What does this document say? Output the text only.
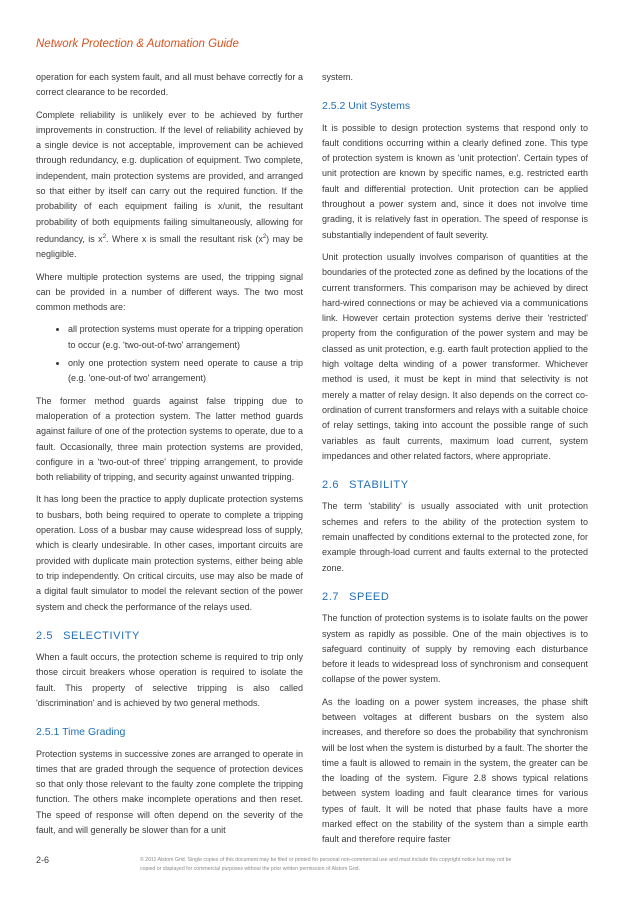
Network Protection & Automation Guide

operation for each system fault, and all must behave correctly for a correct clearance to be recorded.

Complete reliability is unlikely ever to be achieved by further improvements in construction. If the level of reliability achieved by a single device is not acceptable, improvement can be achieved through redundancy, e.g. duplication of equipment. Two complete, independent, main protection systems are provided, and arranged so that either by itself can carry out the required function. If the probability of each equipment failing is x/unit, the resultant probability of both equipments failing simultaneously, allowing for redundancy, is $x^2$. Where x is small the resultant risk $(x^2)$ may be negligible.

Where multiple protection systems are used, the tripping signal can be provided in a number of different ways. The two most common methods are:

• all protection systems must operate for a tripping operation to occur (e.g. 'two-out-of-two' arrangement)
• only one protection system need operate to cause a trip (e.g. 'one-out-of two' arrangement)

The former method guards against false tripping due to maloperation of a protection system. The latter method guards against failure of one of the protection systems to operate, due to a fault. Occasionally, three main protection systems are provided, configure in a 'two-out-of three' tripping arrangement, to provide both reliability of tripping, and security against unwanted tripping.

It has long been the practice to apply duplicate protection systems to busbars, both being required to operate to complete a tripping operation. Loss of a busbar may cause widespread loss of supply, which is clearly undesirable. In other cases, important circuits are provided with duplicate main protection systems, either being able to trip independently. On critical circuits, use may also be made of a digital fault simulator to model the relevant section of the power system and check the performance of the relays used.

2.5 SELECTIVITY

When a fault occurs, the protection scheme is required to trip only those circuit breakers whose operation is required to isolate the fault. This property of selective tripping is also called 'discrimination' and is achieved by two general methods.

2.5.1 Time Grading

Protection systems in successive zones are arranged to operate in times that are graded through the sequence of protection devices so that only those relevant to the faulty zone complete the tripping function. The others make incomplete operations and then reset. The speed of response will often depend on the severity of the fault, and will generally be slower than for a unit

system.

2.5.2 Unit Systems

It is possible to design protection systems that respond only to fault conditions occurring within a clearly defined zone. This type of protection system is known as 'unit protection'. Certain types of unit protection are known by specific names, e.g. restricted earth fault and differential protection. Unit protection can be applied throughout a power system and, since it does not involve time grading, it is relatively fast in operation. The speed of response is substantially independent of fault severity.

Unit protection usually involves comparison of quantities at the boundaries of the protected zone as defined by the locations of the current transformers. This comparison may be achieved by direct hard-wired connections or may be achieved via a communications link. However certain protection systems derive their 'restricted' property from the configuration of the power system and may be classed as unit protection, e.g. earth fault protection applied to the high voltage delta winding of a power transformer. Whichever method is used, it must be kept in mind that selectivity is not merely a matter of relay design. It also depends on the correct co-ordination of current transformers and relays with a suitable choice of relay settings, taking into account the possible range of such variables as fault currents, maximum load current, system impedances and other related factors, where appropriate.

2.6 STABILITY

The term 'stability' is usually associated with unit protection schemes and refers to the ability of the protection system to remain unaffected by conditions external to the protected zone, for example through-load current and faults external to the protected zone.

2.7 SPEED

The function of protection systems is to isolate faults on the power system as rapidly as possible. One of the main objectives is to safeguard continuity of supply by removing each disturbance before it leads to widespread loss of synchronism and consequent collapse of the power system.

As the loading on a power system increases, the phase shift between voltages at different busbars on the system also increases, and therefore so does the probability that synchronism will be lost when the system is disturbed by a fault. The shorter the time a fault is allowed to remain in the system, the greater can be the loading of the system. Figure 2.8 shows typical relations between system loading and fault clearance times for various types of fault. It will be noted that phase faults have a more marked effect on the stability of the system than a simple earth fault and therefore require faster

2-6	© 2011 Alstom Grid. Single copies of this document may be filed or printed for personal non-commercial use and must include this copyright notice but may not be copied or displayed for commercial purposes without the prior written permission of Alstom Grid.
